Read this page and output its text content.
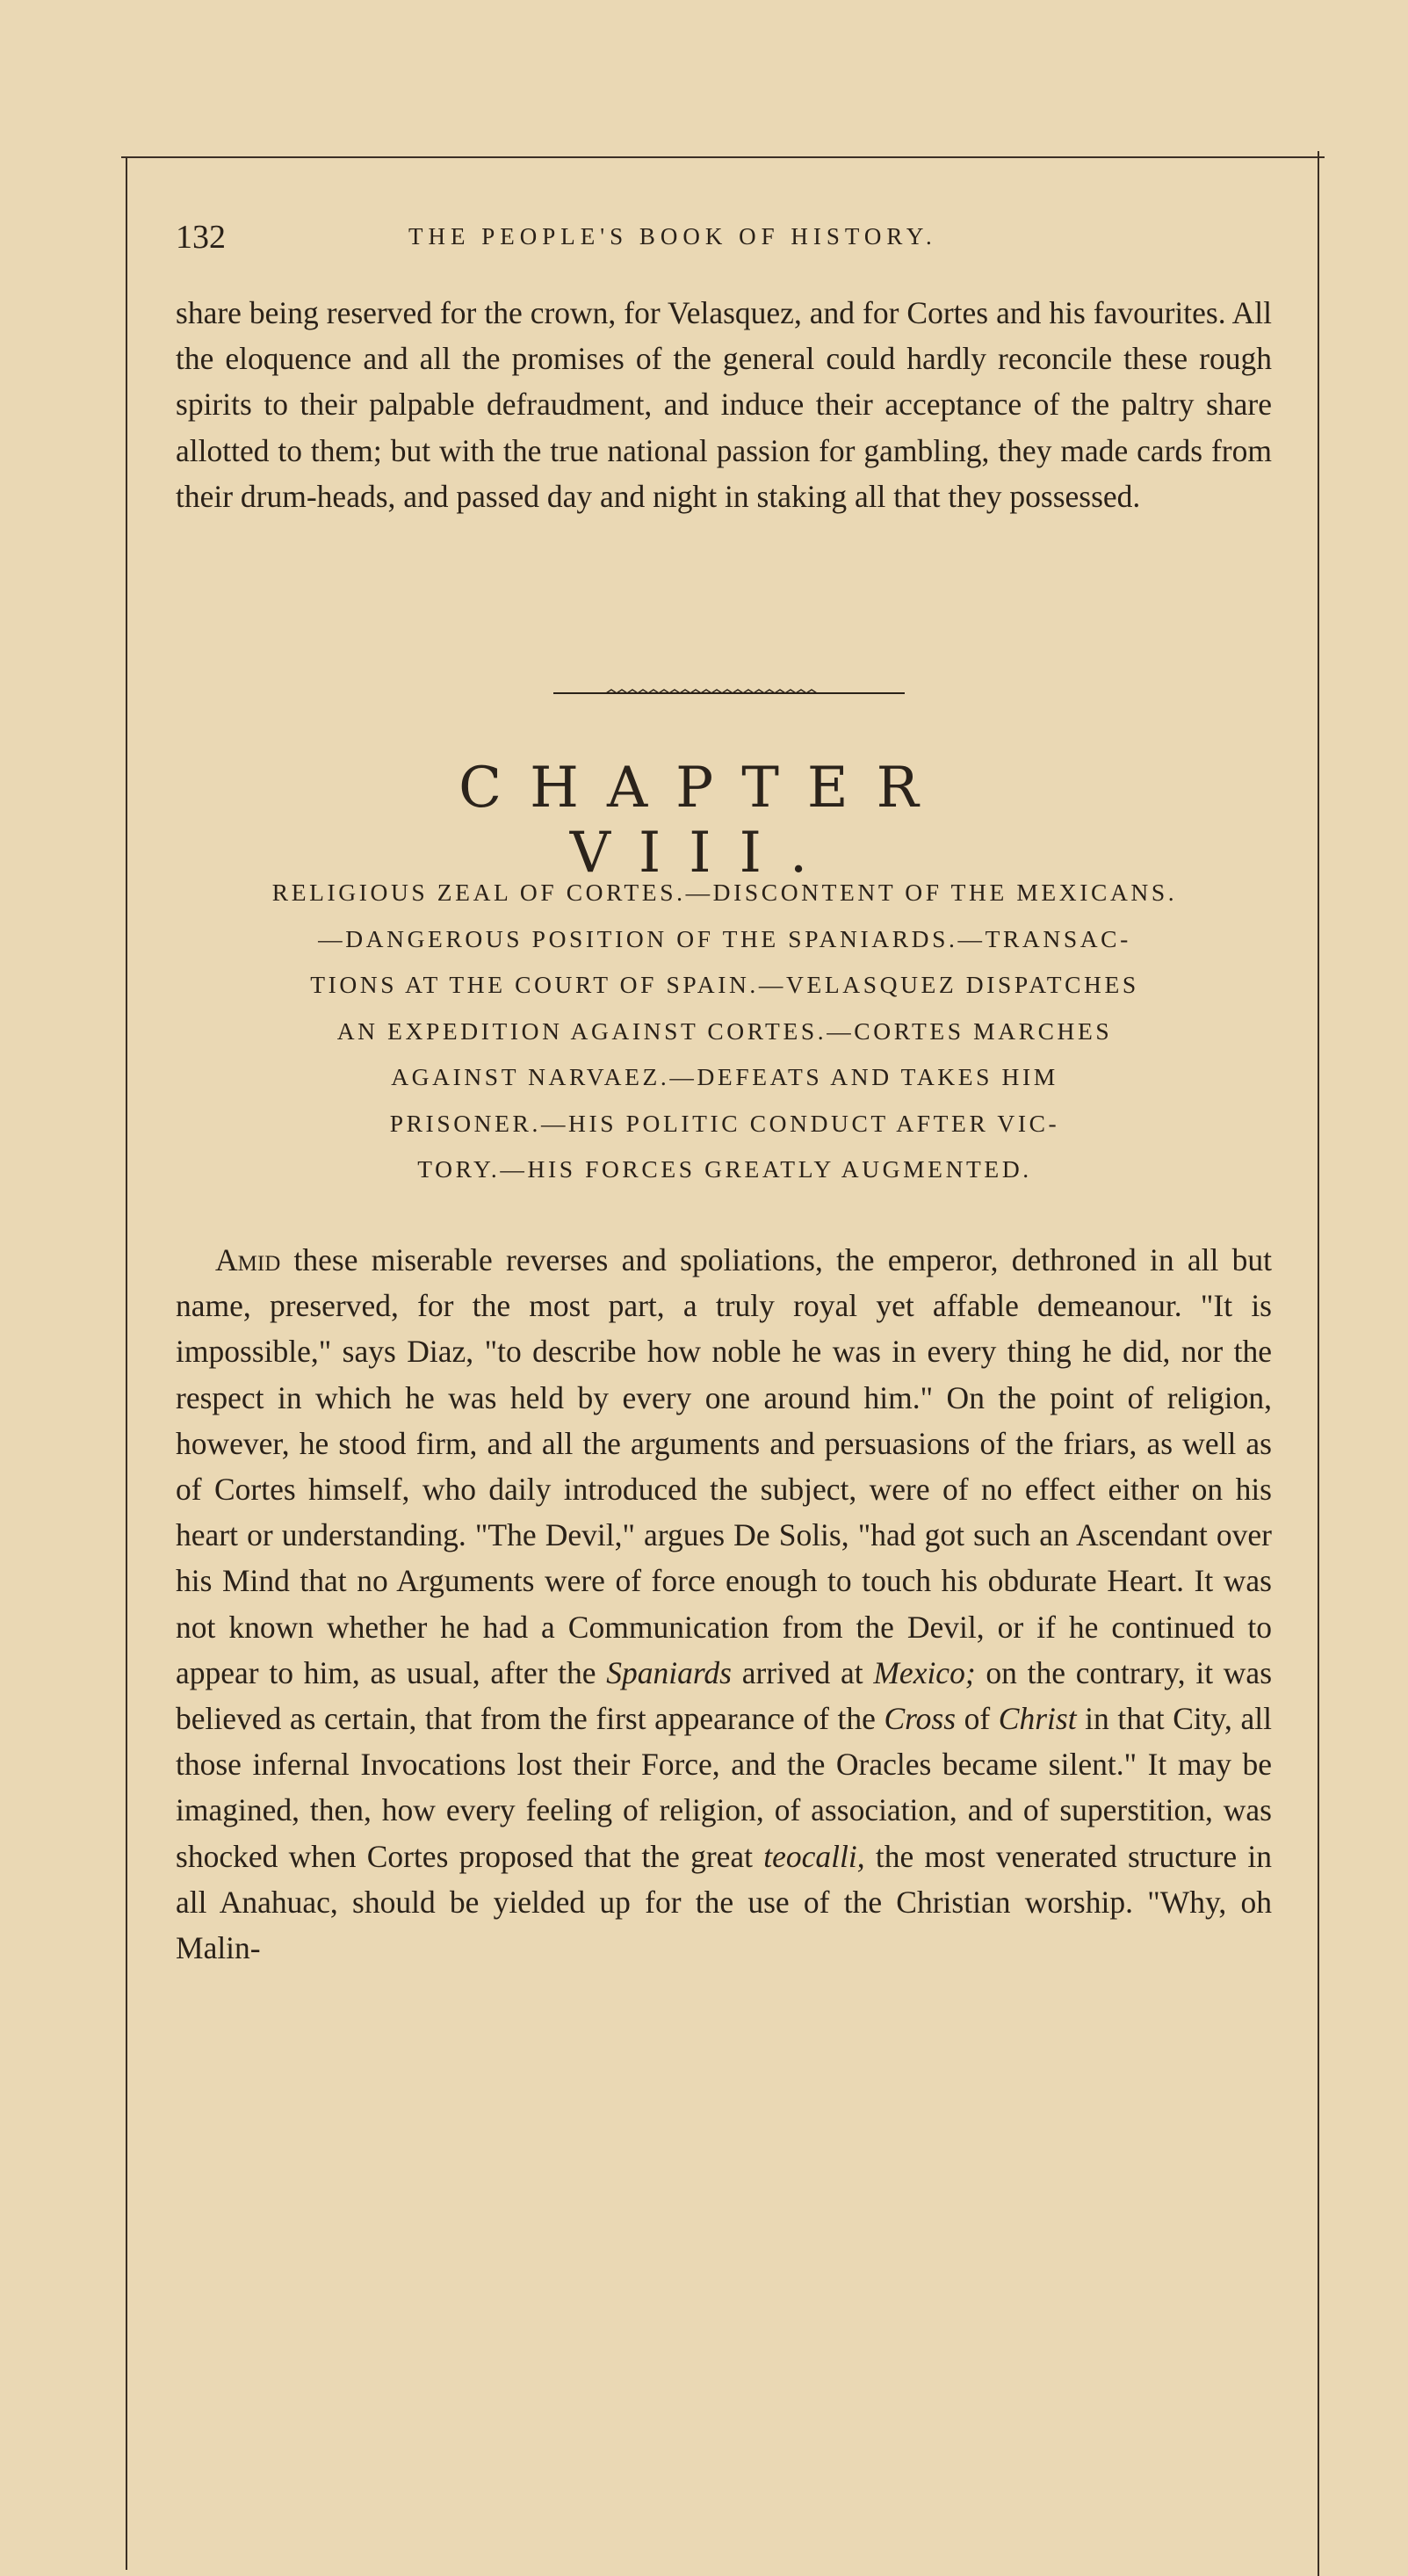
132	THE PEOPLE'S BOOK OF HISTORY.

share being reserved for the crown, for Velasquez, and for Cortes and his favourites. All the eloquence and all the promises of the general could hardly reconcile these rough spirits to their palpable defraudment, and induce their acceptance of the paltry share allotted to them; but with the true national passion for gambling, they made cards from their drum-heads, and passed day and night in staking all that they possessed.

CHAPTER VIII.

RELIGIOUS ZEAL OF CORTES.—DISCONTENT OF THE MEXICANS.

—DANGEROUS POSITION OF THE SPANIARDS.—TRANSAC-

TIONS AT THE COURT OF SPAIN.—VELASQUEZ DISPATCHES

AN EXPEDITION AGAINST CORTES.—CORTES MARCHES

AGAINST NARVAEZ.—DEFEATS AND TAKES HIM

PRISONER.—HIS POLITIC CONDUCT AFTER VIC-

TORY.—HIS FORCES GREATLY AUGMENTED.

Amid these miserable reverses and spoliations, the emperor, dethroned in all but name, preserved, for the most part, a truly royal yet affable demeanour. "It is impossible," says Diaz, "to describe how noble he was in every thing he did, nor the respect in which he was held by every one around him." On the point of religion, however, he stood firm, and all the arguments and persuasions of the friars, as well as of Cortes himself, who daily introduced the subject, were of no effect either on his heart or understanding. "The Devil," argues De Solis, "had got such an Ascendant over his Mind that no Arguments were of force enough to touch his obdurate Heart. It was not known whether he had a Communication from the Devil, or if he continued to appear to him, as usual, after the Spaniards arrived at Mexico; on the contrary, it was believed as certain, that from the first appearance of the Cross of Christ in that City, all those infernal Invocations lost their Force, and the Oracles became silent." It may be imagined, then, how every feeling of religion, of association, and of superstition, was shocked when Cortes proposed that the great teocalli, the most venerated structure in all Anahuac, should be yielded up for the use of the Christian worship. "Why, oh Malin-
